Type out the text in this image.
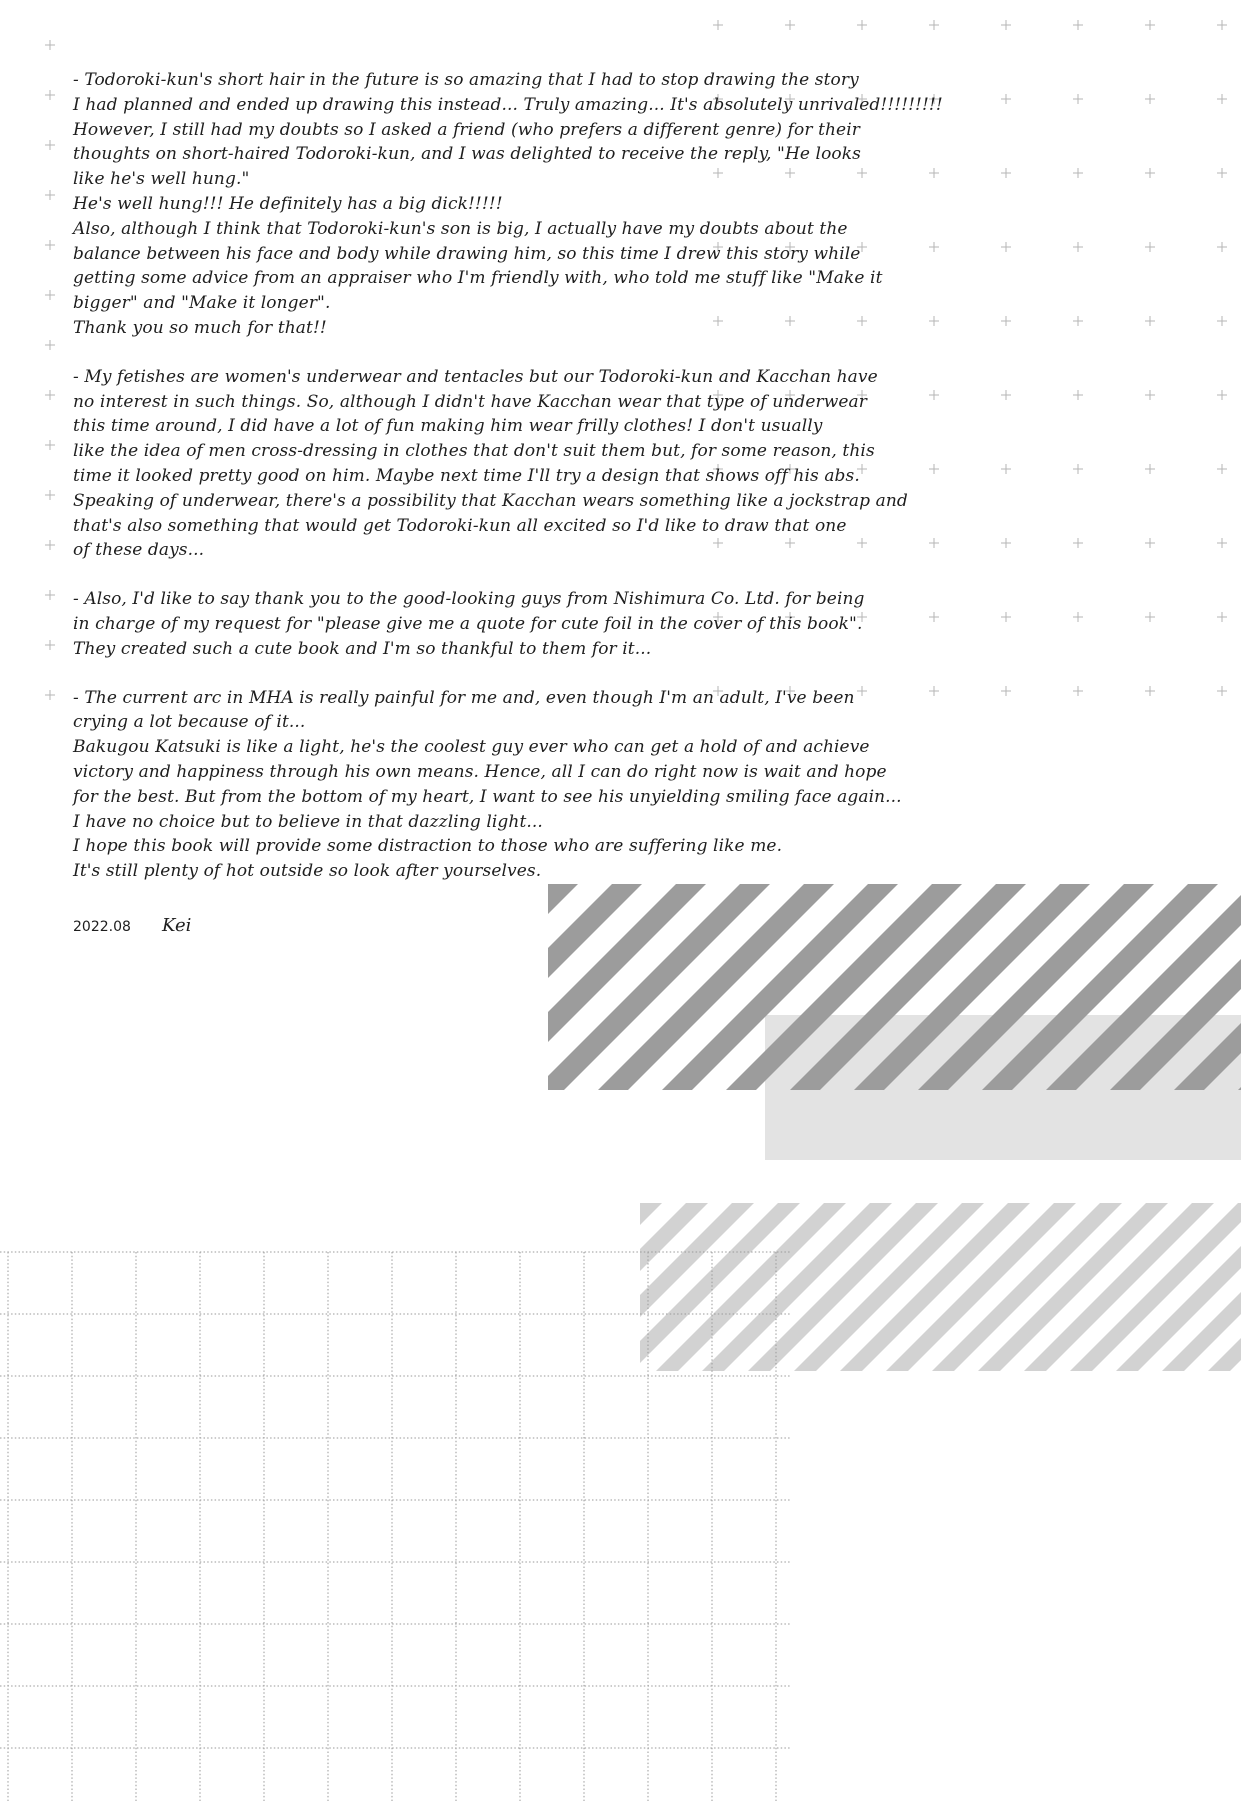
- Todoroki-kun's short hair in the future is so amazing that I had to stop drawing the story
I had planned and ended up drawing this instead... Truly amazing... It's absolutely unrivaled!!!!!!!!!
However, I still had my doubts so I asked a friend (who prefers a different genre) for their
thoughts on short-haired Todoroki-kun, and I was delighted to receive the reply, "He looks
like he's well hung."
He's well hung!!! He definitely has a big dick!!!!!
Also, although I think that Todoroki-kun's son is big, I actually have my doubts about the
balance between his face and body while drawing him, so this time I drew this story while
getting some advice from an appraiser who I'm friendly with, who told me stuff like "Make it
bigger" and "Make it longer".
Thank you so much for that!!
- My fetishes are women's underwear and tentacles but our Todoroki-kun and Kacchan have
no interest in such things. So, although I didn't have Kacchan wear that type of underwear
this time around, I did have a lot of fun making him wear frilly clothes! I don't usually
like the idea of men cross-dressing in clothes that don't suit them but, for some reason, this
time it looked pretty good on him. Maybe next time I'll try a design that shows off his abs.
Speaking of underwear, there's a possibility that Kacchan wears something like a jockstrap and
that's also something that would get Todoroki-kun all excited so I'd like to draw that one
of these days...
- Also, I'd like to say thank you to the good-looking guys from Nishimura Co. Ltd. for being
in charge of my request for "please give me a quote for cute foil in the cover of this book".
They created such a cute book and I'm so thankful to them for it...
- The current arc in MHA is really painful for me and, even though I'm an adult, I've been
crying a lot because of it...
Bakugou Katsuki is like a light, he's the coolest guy ever who can get a hold of and achieve
victory and happiness through his own means. Hence, all I can do right now is wait and hope
for the best. But from the bottom of my heart, I want to see his unyielding smiling face again...
I have no choice but to believe in that dazzling light...
I hope this book will provide some distraction to those who are suffering like me.
It's still plenty of hot outside so look after yourselves.
2022.08 Kei
